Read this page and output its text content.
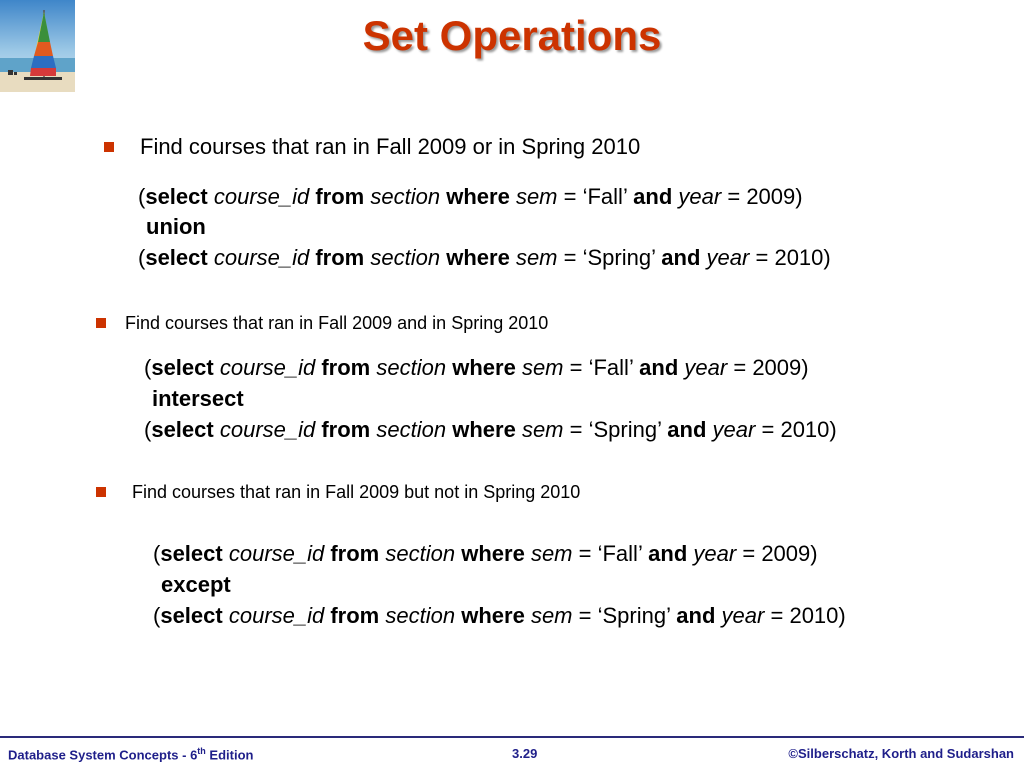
Set Operations
Find courses that ran in Fall 2009 or in Spring 2010
(select course_id from section where sem = ‘Fall’ and year = 2009)
union
(select course_id from section where sem = ‘Spring’ and year = 2010)
Find courses that ran in Fall 2009 and in Spring 2010
(select course_id from section where sem = ‘Fall’ and year = 2009)
intersect
(select course_id from section where sem = ‘Spring’ and year = 2010)
Find courses that ran in Fall 2009 but not in Spring 2010
(select course_id from section where sem = ‘Fall’ and year = 2009)
except
(select course_id from section where sem = ‘Spring’ and year = 2010)
Database System Concepts - 6th Edition	3.29	©Silberschatz, Korth and Sudarshan
